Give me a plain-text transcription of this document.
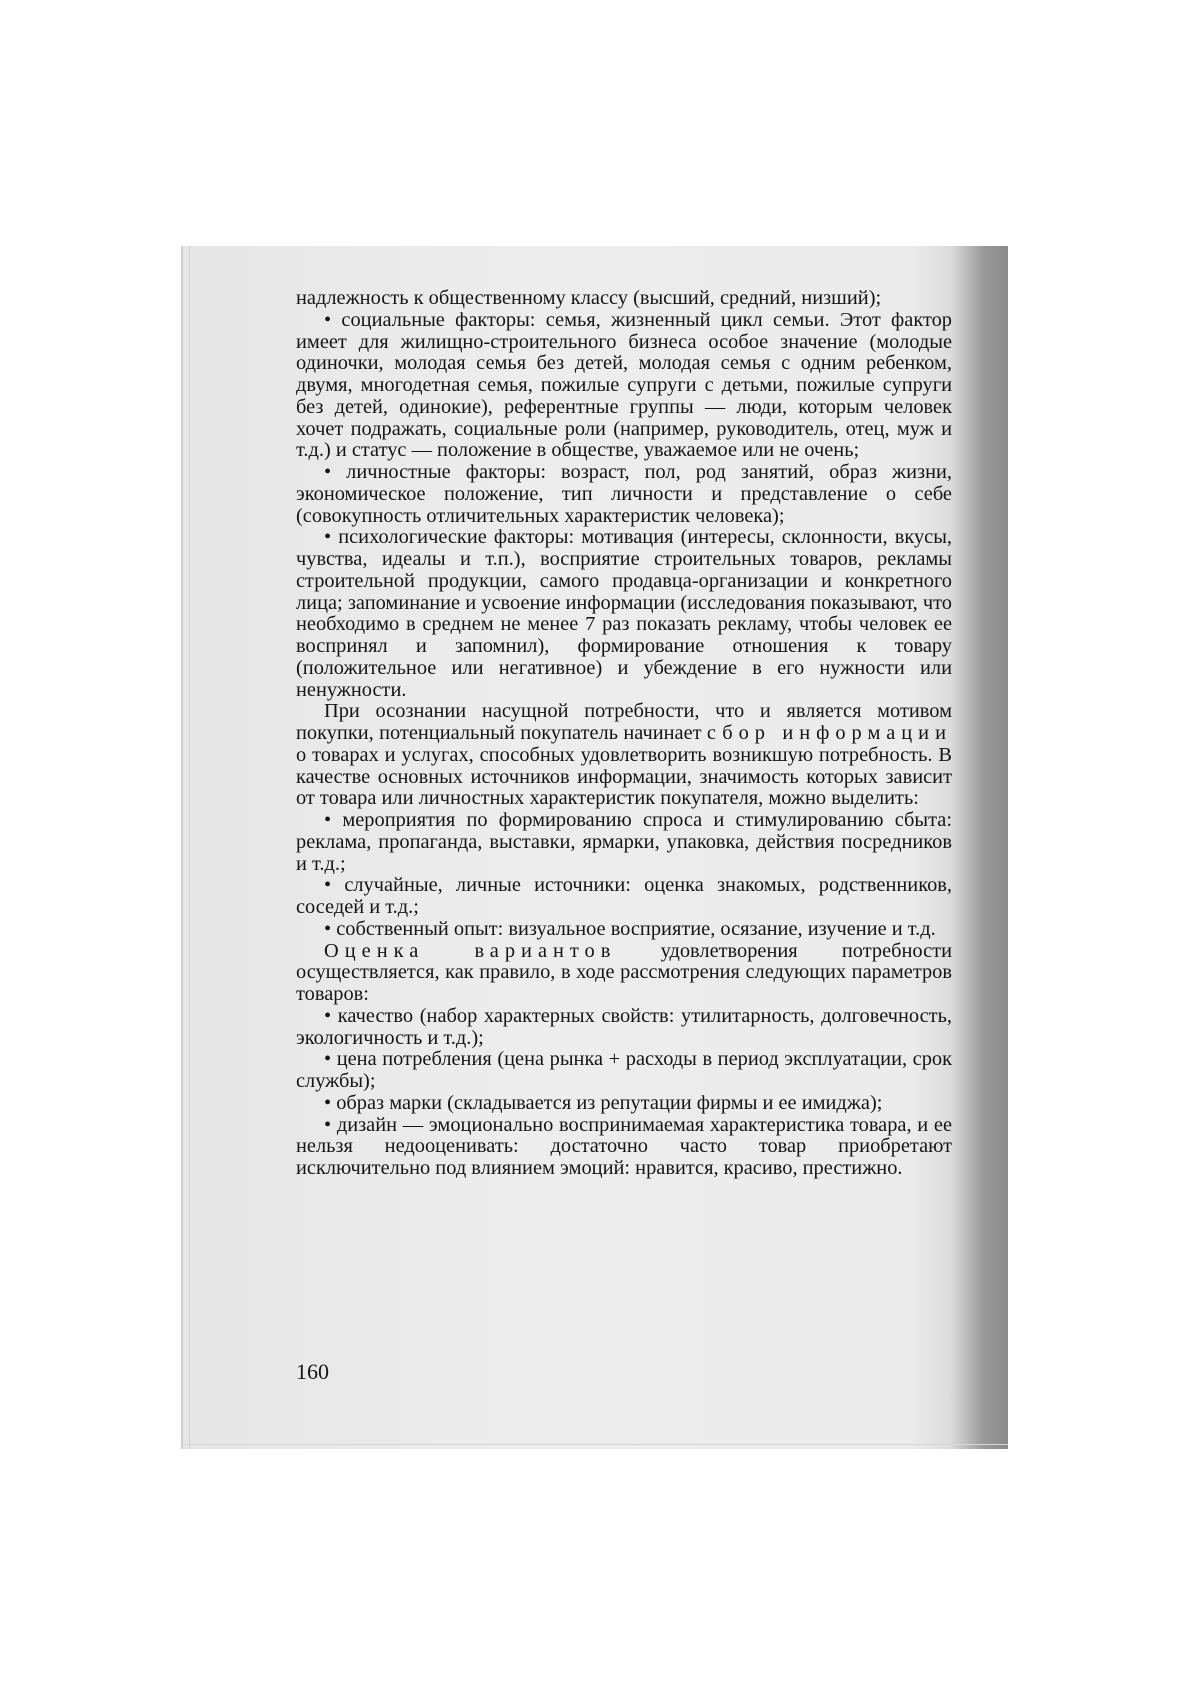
надлежность к общественному классу (высший, средний, низший);

• социальные факторы: семья, жизненный цикл семьи. Этот фактор имеет для жилищно-строительного бизнеса особое значение (молодые одиночки, молодая семья без детей, молодая семья с одним ребенком, двумя, многодетная семья, пожилые супруги с детьми, пожилые супруги без детей, одинокие), референтные группы — люди, которым человек хочет подражать, социальные роли (например, руководитель, отец, муж и т.д.) и статус — положение в обществе, уважаемое или не очень;

• личностные факторы: возраст, пол, род занятий, образ жизни, экономическое положение, тип личности и представление о себе (совокупность отличительных характеристик человека);

• психологические факторы: мотивация (интересы, склонности, вкусы, чувства, идеалы и т.п.), восприятие строительных товаров, рекламы строительной продукции, самого продавца-организации и конкретного лица; запоминание и усвоение информации (исследования показывают, что необходимо в среднем не менее 7 раз показать рекламу, чтобы человек ее воспринял и запомнил), формирование отношения к товару (положительное или негативное) и убеждение в его нужности или ненужности.

При осознании насущной потребности, что и является мотивом покупки, потенциальный покупатель начинает сбор информации о товарах и услугах, способных удовлетворить возникшую потребность. В качестве основных источников информации, значимость которых зависит от товара или личностных характеристик покупателя, можно выделить:

• мероприятия по формированию спроса и стимулированию сбыта: реклама, пропаганда, выставки, ярмарки, упаковка, действия посредников и т.д.;

• случайные, личные источники: оценка знакомых, родственников, соседей и т.д.;

• собственный опыт: визуальное восприятие, осязание, изучение и т.д.

Оценка вариантов удовлетворения потребности осуществляется, как правило, в ходе рассмотрения следующих параметров товаров:

• качество (набор характерных свойств: утилитарность, долговечность, экологичность и т.д.);

• цена потребления (цена рынка + расходы в период эксплуатации, срок службы);

• образ марки (складывается из репутации фирмы и ее имиджа);

• дизайн — эмоционально воспринимаемая характеристика товара, и ее нельзя недооценивать: достаточно часто товар приобретают исключительно под влиянием эмоций: нравится, красиво, престижно.

160
